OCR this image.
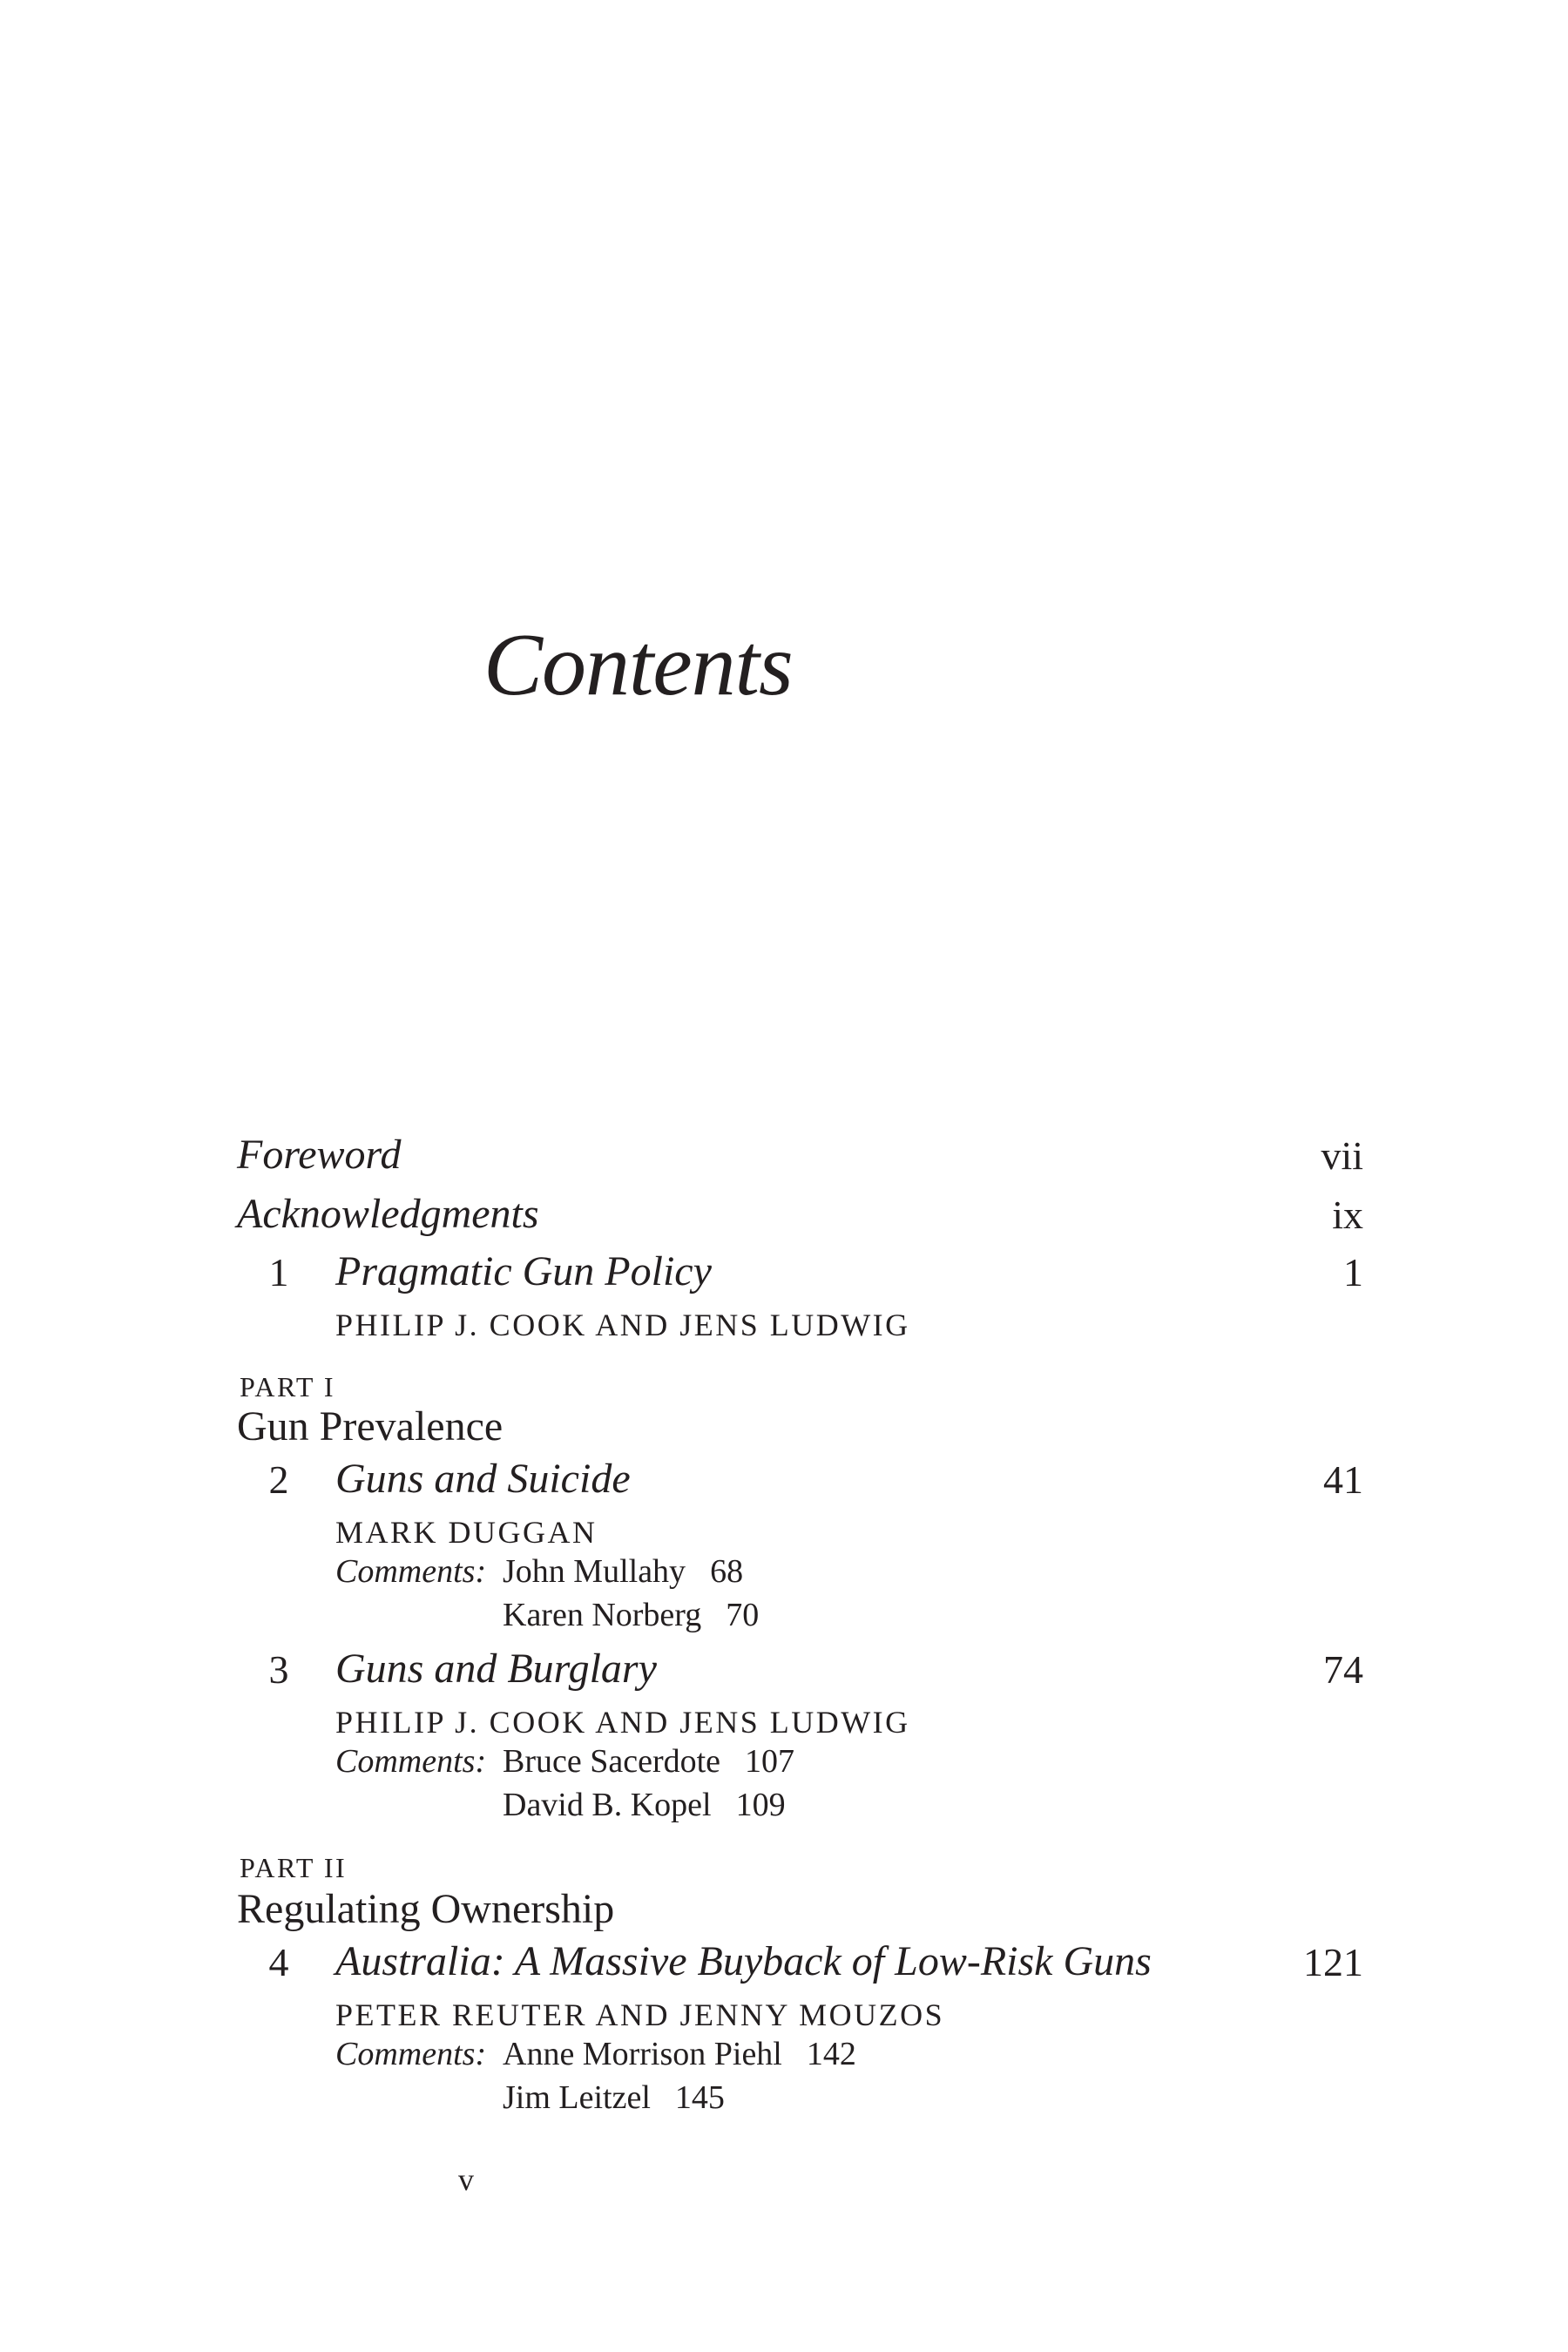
Contents
Foreword	vii
Acknowledgments	ix
1 Pragmatic Gun Policy	1
PHILIP J. COOK AND JENS LUDWIG
PART I
Gun Prevalence
2 Guns and Suicide	41
MARK DUGGAN
Comments: John Mullahy 68
Karen Norberg 70
3 Guns and Burglary	74
PHILIP J. COOK AND JENS LUDWIG
Comments: Bruce Sacerdote 107
David B. Kopel 109
PART II
Regulating Ownership
4 Australia: A Massive Buyback of Low-Risk Guns	121
PETER REUTER AND JENNY MOUZOS
Comments: Anne Morrison Piehl 142
Jim Leitzel 145
v
